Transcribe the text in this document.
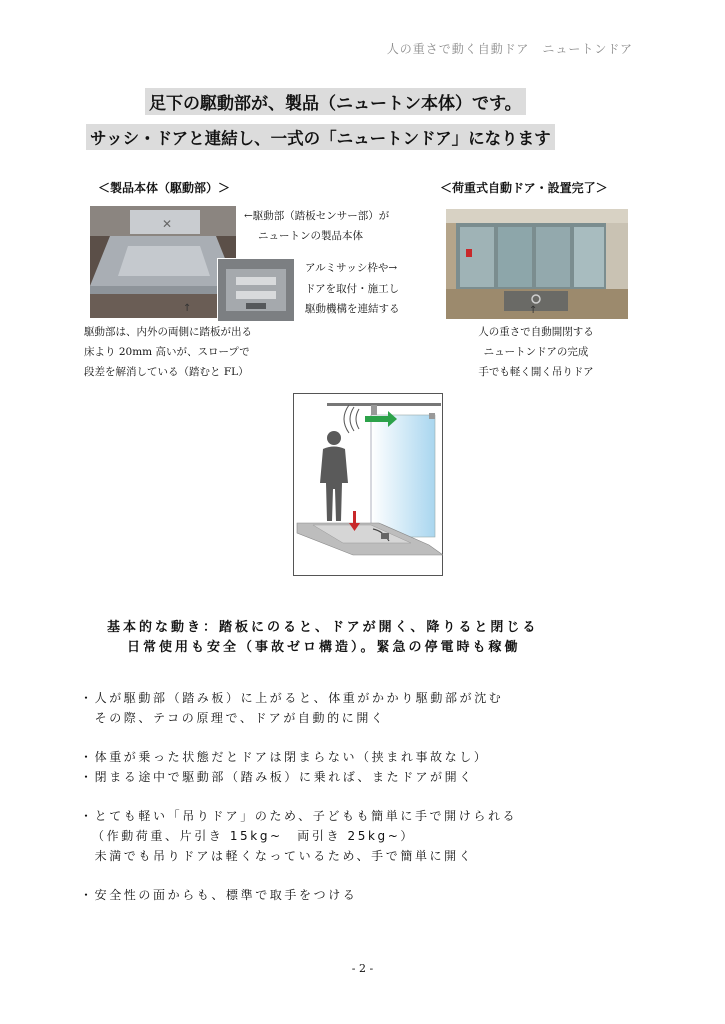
人の重さで動く自動ドア　ニュートンドア
足下の駆動部が、製品（ニュートン本体）です。
サッシ・ドアと連結し、一式の「ニュートンドア」になります
＜製品本体（駆動部）＞
✕
↑
←駆動部（踏板センサー部）が
ニュートンの製品本体
アルミサッシ枠や→
ドアを取付・施工し
駆動機構を連結する
駆動部は、内外の両側に踏板が出る
床より 20mm 高いが、スロープで
段差を解消している（踏むと FL）
＜荷重式自動ドア・設置完了＞
↑
人の重さで自動開閉する
ニュートンドアの完成
手でも軽く開く吊りドア
基本的な動き：踏板にのると、ドアが開く、降りると閉じる
日常使用も安全（事故ゼロ構造）。緊急の停電時も稼働

・人が駆動部（踏み板）に上がると、体重がかかり駆動部が沈む

　その際、テコの原理で、ドアが自動的に開く

・体重が乗った状態だとドアは閉まらない（挟まれ事故なし）

・閉まる途中で駆動部（踏み板）に乗れば、またドアが開く

・とても軽い「吊りドア」のため、子どもも簡単に手で開けられる

（作動荷重、片引き 15kg~　両引き 25kg~）

　未満でも吊りドアは軽くなっているため、手で簡単に開く

・安全性の面からも、標準で取手をつける

- 2 -
